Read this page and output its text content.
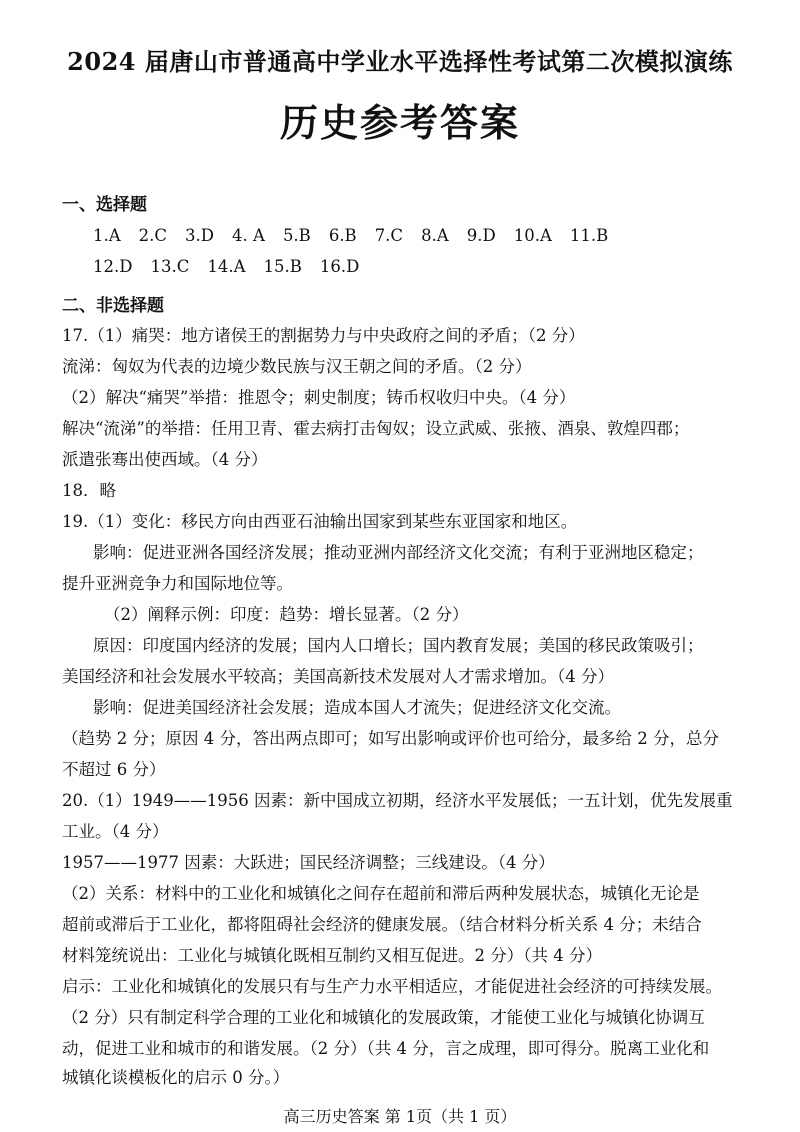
2024 届唐山市普通高中学业水平选择性考试第二次模拟演练
历史参考答案
一、选择题
1.A 2.C 3.D 4. A 5.B 6.B 7.C 8.A 9.D 10.A 11.B
12.D 13.C 14.A 15.B 16.D
二、非选择题
17.（1）痛哭：地方诸侯王的割据势力与中央政府之间的矛盾；（2 分）
流涕：匈奴为代表的边境少数民族与汉王朝之间的矛盾。（2 分）
（2）解决“痛哭”举措：推恩令；刺史制度；铸币权收归中央。（4 分）
解决“流涕”的举措：任用卫青、霍去病打击匈奴；设立武威、张掖、酒泉、敦煌四郡；
派遣张骞出使西域。（4 分）
18．略
19.（1）变化：移民方向由西亚石油输出国家到某些东亚国家和地区。
影响：促进亚洲各国经济发展；推动亚洲内部经济文化交流；有利于亚洲地区稳定；
提升亚洲竞争力和国际地位等。
（2）阐释示例：印度：趋势：增长显著。（2 分）
原因：印度国内经济的发展；国内人口增长；国内教育发展；美国的移民政策吸引；
美国经济和社会发展水平较高；美国高新技术发展对人才需求增加。（4 分）
影响：促进美国经济社会发展；造成本国人才流失；促进经济文化交流。
（趋势 2 分；原因 4 分，答出两点即可；如写出影响或评价也可给分，最多给 2 分，总分
不超过 6 分）
20.（1）1949——1956 因素：新中国成立初期，经济水平发展低；一五计划，优先发展重
工业。（4 分）
1957——1977 因素：大跃进；国民经济调整；三线建设。（4 分）
（2）关系：材料中的工业化和城镇化之间存在超前和滞后两种发展状态，城镇化无论是
超前或滞后于工业化，都将阻碍社会经济的健康发展。（结合材料分析关系 4 分；未结合
材料笼统说出：工业化与城镇化既相互制约又相互促进。2 分）（共 4 分）
启示：工业化和城镇化的发展只有与生产力水平相适应，才能促进社会经济的可持续发展。
（2 分）只有制定科学合理的工业化和城镇化的发展政策，才能使工业化与城镇化协调互
动，促进工业和城市的和谐发展。（2 分）（共 4 分，言之成理，即可得分。脱离工业化和
城镇化谈模板化的启示 0 分。）
高三历史答案 第 1页（共 1 页）
